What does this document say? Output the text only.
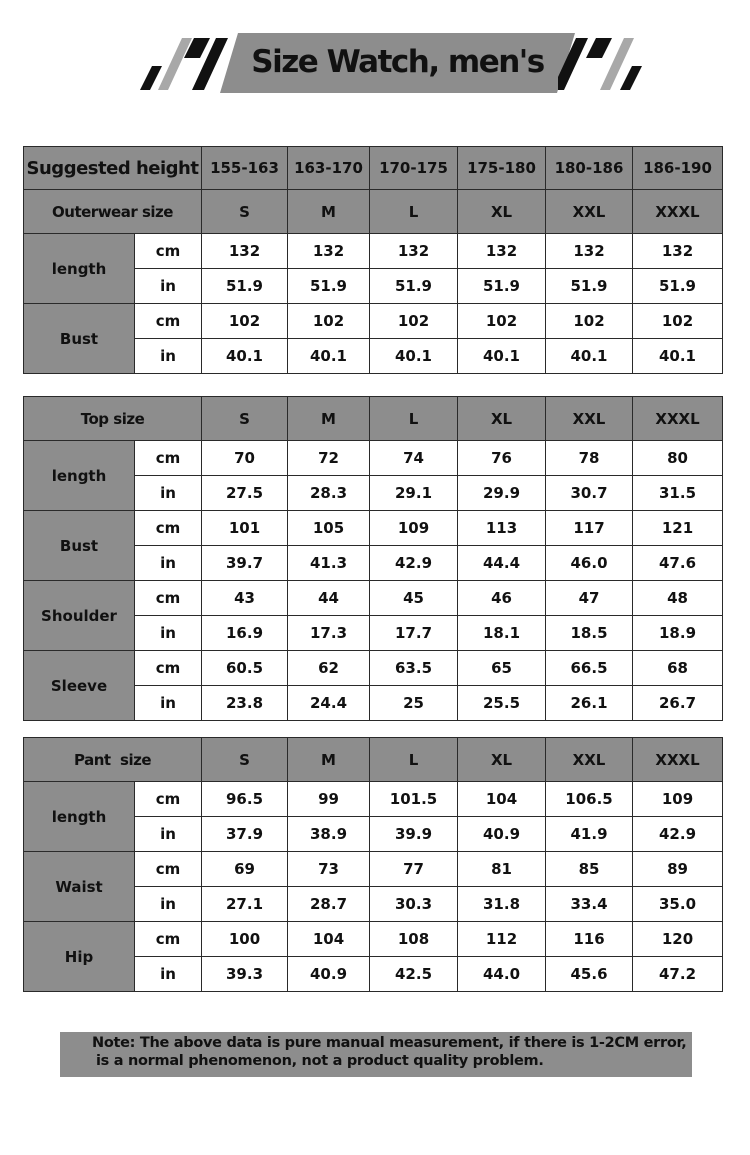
Size Watch, men's
Suggested height		155-163	163-170	170-175	175-180	180-186	186-190
Outerwear size		S	M	L	XL	XXL	XXXL
length	cm	132	132	132	132	132	132
	in	51.9	51.9	51.9	51.9	51.9	51.9
Bust	cm	102	102	102	102	102	102
	in	40.1	40.1	40.1	40.1	40.1	40.1
Top size		S	M	L	XL	XXL	XXXL
length	cm	70	72	74	76	78	80
	in	27.5	28.3	29.1	29.9	30.7	31.5
Bust	cm	101	105	109	113	117	121
	in	39.7	41.3	42.9	44.4	46.0	47.6
Shoulder	cm	43	44	45	46	47	48
	in	16.9	17.3	17.7	18.1	18.5	18.9
Sleeve	cm	60.5	62	63.5	65	66.5	68
	in	23.8	24.4	25	25.5	26.1	26.7
Pant  size		S	M	L	XL	XXL	XXXL
length	cm	96.5	99	101.5	104	106.5	109
	in	37.9	38.9	39.9	40.9	41.9	42.9
Waist	cm	69	73	77	81	85	89
	in	27.1	28.7	30.3	31.8	33.4	35.0
Hip	cm	100	104	108	112	116	120
	in	39.3	40.9	42.5	44.0	45.6	47.2
Note: The above data is pure manual measurement, if there is 1-2CM error,
is a normal phenomenon, not a product quality problem.
